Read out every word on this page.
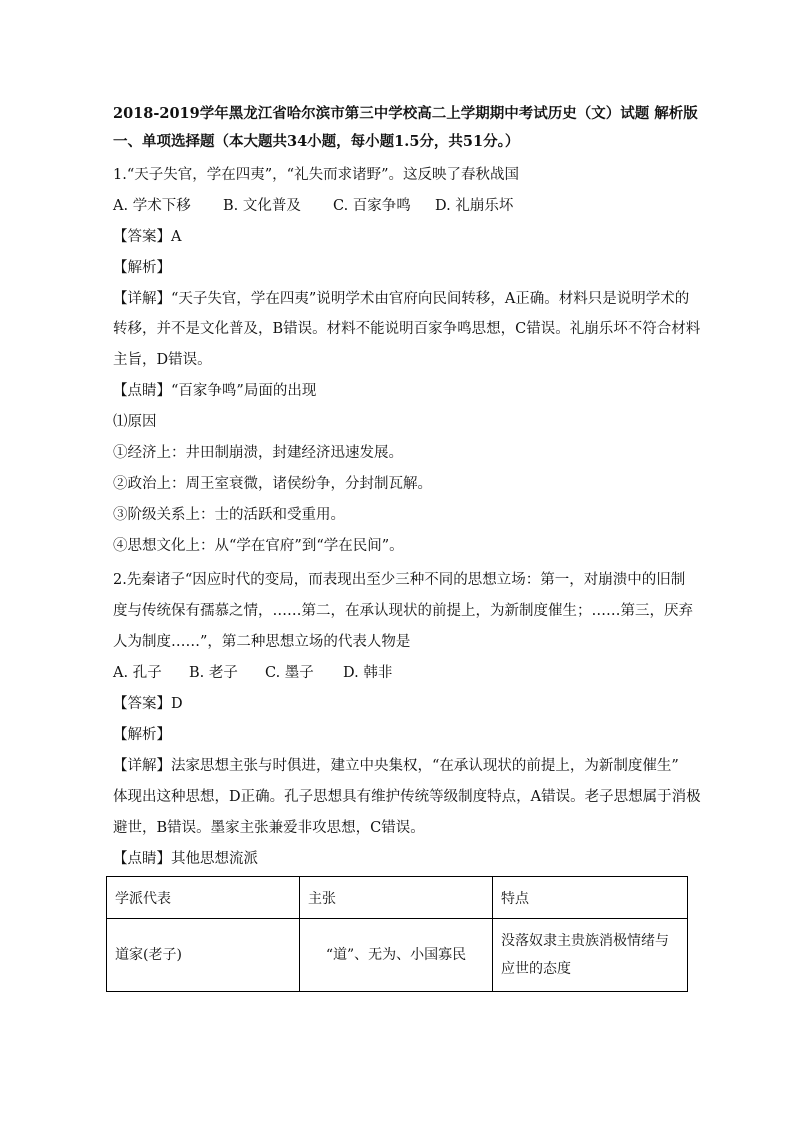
2018-2019学年黑龙江省哈尔滨市第三中学校高二上学期期中考试历史（文）试题 解析版
一、单项选择题（本大题共34小题，每小题1.5分，共51分。）
1.“天子失官，学在四夷”，“礼失而求诸野”。这反映了春秋战国
A. 学术下移 B. 文化普及 C. 百家争鸣 D. 礼崩乐坏
【答案】A
【解析】
【详解】“天子失官，学在四夷”说明学术由官府向民间转移，A正确。材料只是说明学术的
转移，并不是文化普及，B错误。材料不能说明百家争鸣思想，C错误。礼崩乐坏不符合材料
主旨，D错误。
【点睛】“百家争鸣”局面的出现
⑴原因
①经济上：井田制崩溃，封建经济迅速发展。
②政治上：周王室衰微，诸侯纷争，分封制瓦解。
③阶级关系上：士的活跃和受重用。
④思想文化上：从“学在官府”到“学在民间”。
2.先秦诸子“因应时代的变局，而表现出至少三种不同的思想立场：第一，对崩溃中的旧制
度与传统保有孺慕之情，……第二，在承认现状的前提上，为新制度催生；……第三，厌弃
人为制度……”，第二种思想立场的代表人物是
A. 孔子 B. 老子 C. 墨子 D. 韩非
【答案】D
【解析】
【详解】法家思想主张与时俱进，建立中央集权，“在承认现状的前提上，为新制度催生”
体现出这种思想，D正确。孔子思想具有维护传统等级制度特点，A错误。老子思想属于消极
避世，B错误。墨家主张兼爱非攻思想，C错误。
【点睛】其他思想流派
学派代表	主张	特点
道家(老子)	“道”、无为、小国寡民	没落奴隶主贵族消极情绪与应世的态度
